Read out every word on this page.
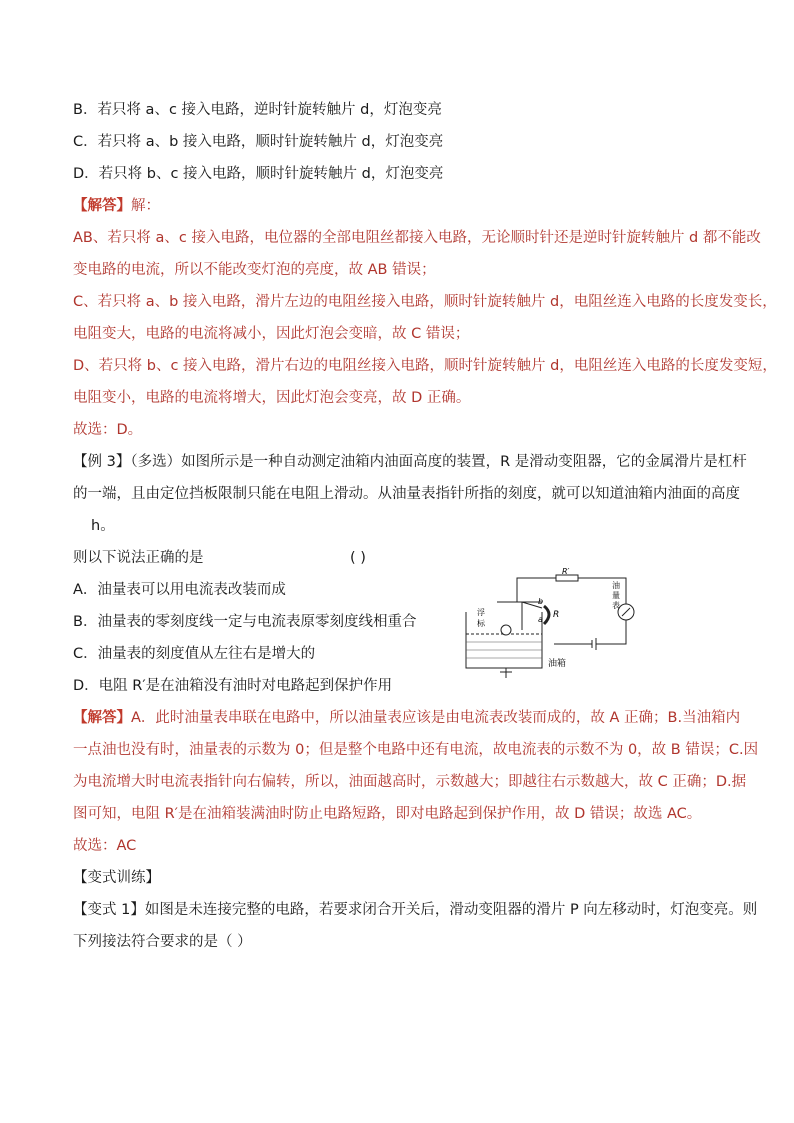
B．若只将 a、c 接入电路，逆时针旋转触片 d，灯泡变亮
C．若只将 a、b 接入电路，顺时针旋转触片 d，灯泡变亮
D．若只将 b、c 接入电路，顺时针旋转触片 d，灯泡变亮
【解答】解：
AB、若只将 a、c 接入电路，电位器的全部电阻丝都接入电路，无论顺时针还是逆时针旋转触片 d 都不能改
变电路的电流，所以不能改变灯泡的亮度，故 AB 错误；
C、若只将 a、b 接入电路，滑片左边的电阻丝接入电路，顺时针旋转触片 d，电阻丝连入电路的长度发变长，
电阻变大，电路的电流将减小，因此灯泡会变暗，故 C 错误；
D、若只将 b、c 接入电路，滑片右边的电阻丝接入电路，顺时针旋转触片 d，电阻丝连入电路的长度发变短，
电阻变小，电路的电流将增大，因此灯泡会变亮，故 D 正确。
故选：D。
【例 3】（多选）如图所示是一种自动测定油箱内油面高度的装置，R 是滑动变阻器，它的金属滑片是杠杆
的一端，且由定位挡板限制只能在电阻上滑动。从油量表指针所指的刻度，就可以知道油箱内油面的高度
h。
则以下说法正确的是	( )
A．油量表可以用电流表改装而成
B．油量表的零刻度线一定与电流表原零刻度线相重合
C．油量表的刻度值从左往右是增大的
D．电阻 R′是在油箱没有油时对电路起到保护作用
R′
R
b
a
浮
标
油
量
表
油箱
【解答】A．此时油量表串联在电路中，所以油量表应该是由电流表改装而成的，故 A 正确；B.当油箱内
一点油也没有时，油量表的示数为 0；但是整个电路中还有电流，故电流表的示数不为 0，故 B 错误；C.因
为电流增大时电流表指针向右偏转，所以，油面越高时，示数越大；即越往右示数越大，故 C 正确；D.据
图可知，电阻 R′是在油箱装满油时防止电路短路，即对电路起到保护作用，故 D 错误；故选 AC。
故选：AC
【变式训练】
【变式 1】如图是未连接完整的电路，若要求闭合开关后，滑动变阻器的滑片 P 向左移动时，灯泡变亮。则
下列接法符合要求的是（ ）
